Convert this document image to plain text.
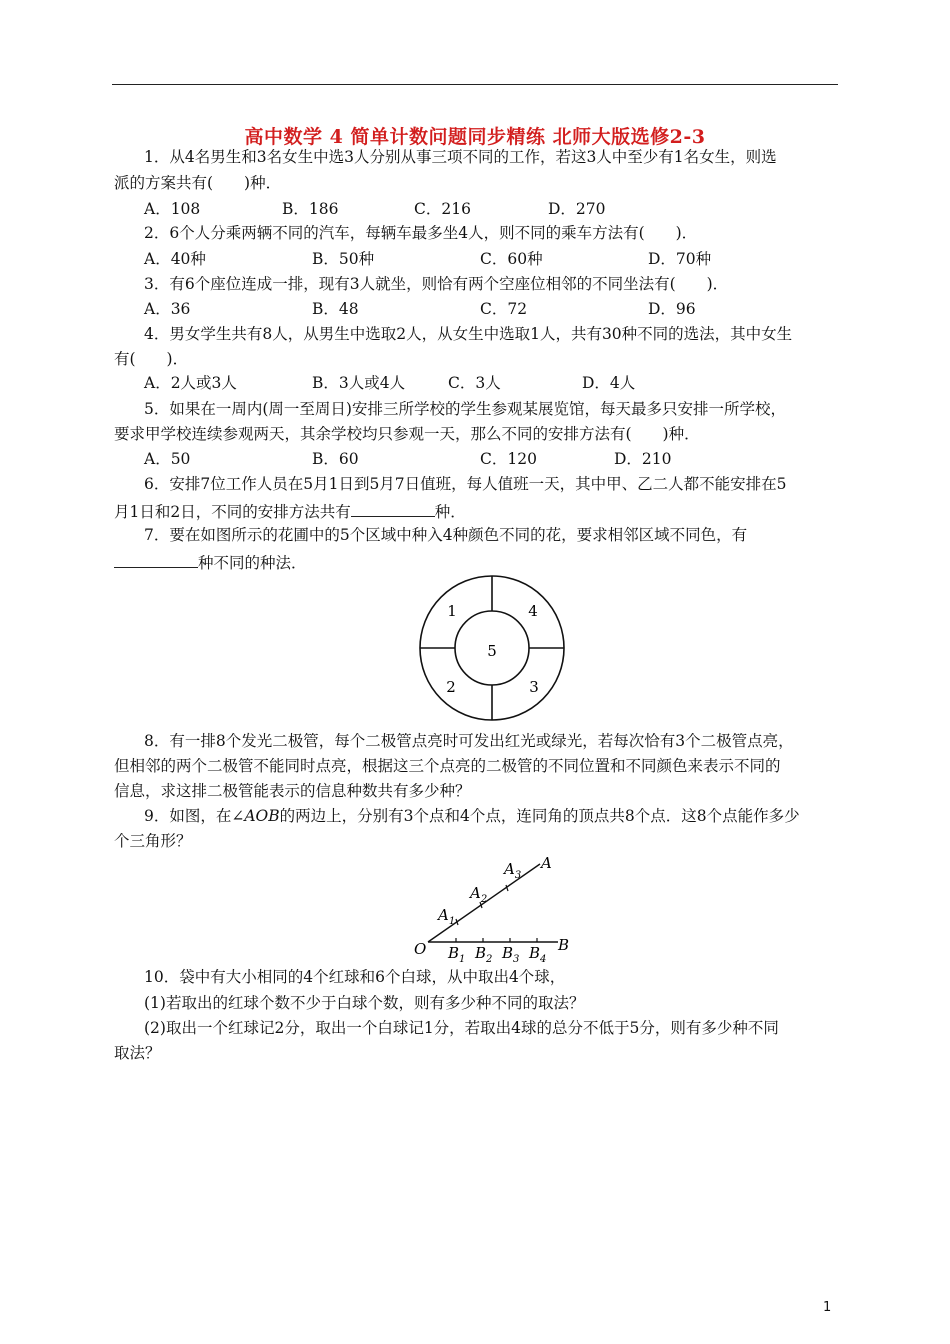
高中数学 4 简单计数问题同步精练 北师大版选修2-3
1．从4名男生和3名女生中选3人分别从事三项不同的工作，若这3人中至少有1名女生，则选
派的方案共有(　　)种．
A．108	B．186	C．216	D．270
2．6个人分乘两辆不同的汽车，每辆车最多坐4人，则不同的乘车方法有(　　)．
A．40种	B．50种	C．60种	D．70种
3．有6个座位连成一排，现有3人就坐，则恰有两个空座位相邻的不同坐法有(　　)．
A．36	B．48	C．72	D．96
4．男女学生共有8人，从男生中选取2人，从女生中选取1人，共有30种不同的选法，其中女生
有(　　)．
A．2人或3人	B．3人或4人	C．3人	D．4人
5．如果在一周内(周一至周日)安排三所学校的学生参观某展览馆，每天最多只安排一所学校，
要求甲学校连续参观两天，其余学校均只参观一天，那么不同的安排方法有(　　)种．
A．50	B．60	C．120	D．210
6．安排7位工作人员在5月1日到5月7日值班，每人值班一天，其中甲、乙二人都不能安排在5
月1日和2日，不同的安排方法共有	种．
7．要在如图所示的花圃中的5个区域中种入4种颜色不同的花，要求相邻区域不同色，有
种不同的种法．
1	4
5
2	3
8．有一排8个发光二极管，每个二极管点亮时可发出红光或绿光，若每次恰有3个二极管点亮，
但相邻的两个二极管不能同时点亮，根据这三个点亮的二极管的不同位置和不同颜色来表示不同的
信息，求这排二极管能表示的信息种数共有多少种？
9．如图，在∠AOB的两边上，分别有3个点和4个点，连同角的顶点共8个点．这8个点能作多少
个三角形？
O
A
B
$A_1$
$A_2$
$A_3$
$B_1$ $B_2$ $B_3$ $B_4$
10．袋中有大小相同的4个红球和6个白球，从中取出4个球，
(1)若取出的红球个数不少于白球个数，则有多少种不同的取法？
(2)取出一个红球记2分，取出一个白球记1分，若取出4球的总分不低于5分，则有多少种不同
取法？
1
